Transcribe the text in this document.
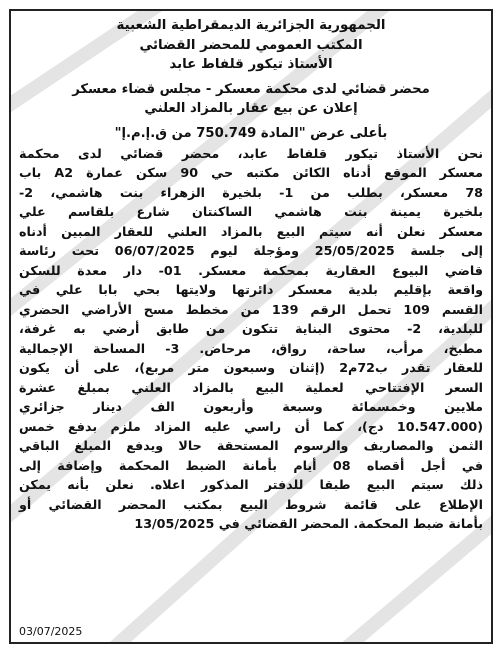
الجمهورية الجزائرية الديمقراطية الشعبية

المكتب العمومي للمحضر القضائي

الأستاذ تيكور قلفاط عابد

محضر قضائي لدى محكمة معسكر - مجلس قضاء معسكر

إعلان عن بيع عقار بالمزاد العلني

بأعلى عرض "المادة 750.749 من ق.إ.م.إ"

نحن الأستاذ تيكور قلفاط عابد، محضر قضائي لدى محكمة

معسكر الموقع أدناه الكائن مكتبه حي 90 سكن عمارة A2 باب

78 معسكر، بطلب من 1- بلخيرة الزهراء بنت هاشمي، 2-

بلخيرة يمينة بنت هاشمي الساكنتان شارع بلقاسم علي

معسكر نعلن أنه سيتم البيع بالمزاد العلني للعقار المبين أدناه

إلى جلسة 25/05/2025 ومؤجلة ليوم 06/07/2025 تحت رئاسة

قاضي البيوع العقارية بمحكمة معسكر. 01- دار معدة للسكن

واقعة بإقليم بلدية معسكر دائرتها ولايتها بحي بابا علي في

القسم 109 تحمل الرقم 139 من مخطط مسح الأراضي الحضري

للبلدية، 2- محتوى البناية تتكون من طابق أرضي به غرفة،

مطبخ، مرأب، ساحة، رواق، مرحاض. 3- المساحة الإجمالية

للعقار تقدر ب72م2 (إثنان وسبعون متر مربع)، على أن يكون

السعر الإفتتاحي لعملية البيع بالمزاد العلني بمبلغ عشرة

ملايين وخمسمائة وسبعة وأربعون الف دينار جزائري

(10.547.000 دج)، كما أن راسي عليه المزاد ملزم بدفع خمس

الثمن والمصاريف والرسوم المستحقة حالا ويدفع المبلغ الباقي

في أجل أقصاه 08 أيام بأمانة الضبط المحكمة وإضافة إلى

ذلك سيتم البيع طبقا للدفتر المذكور اعلاه. نعلن بأنه يمكن

الإطلاع على قائمة شروط البيع بمكتب المحضر القضائي أو

بأمانة ضبط المحكمة. المحضر القضائي في 13/05/2025

03/07/2025
